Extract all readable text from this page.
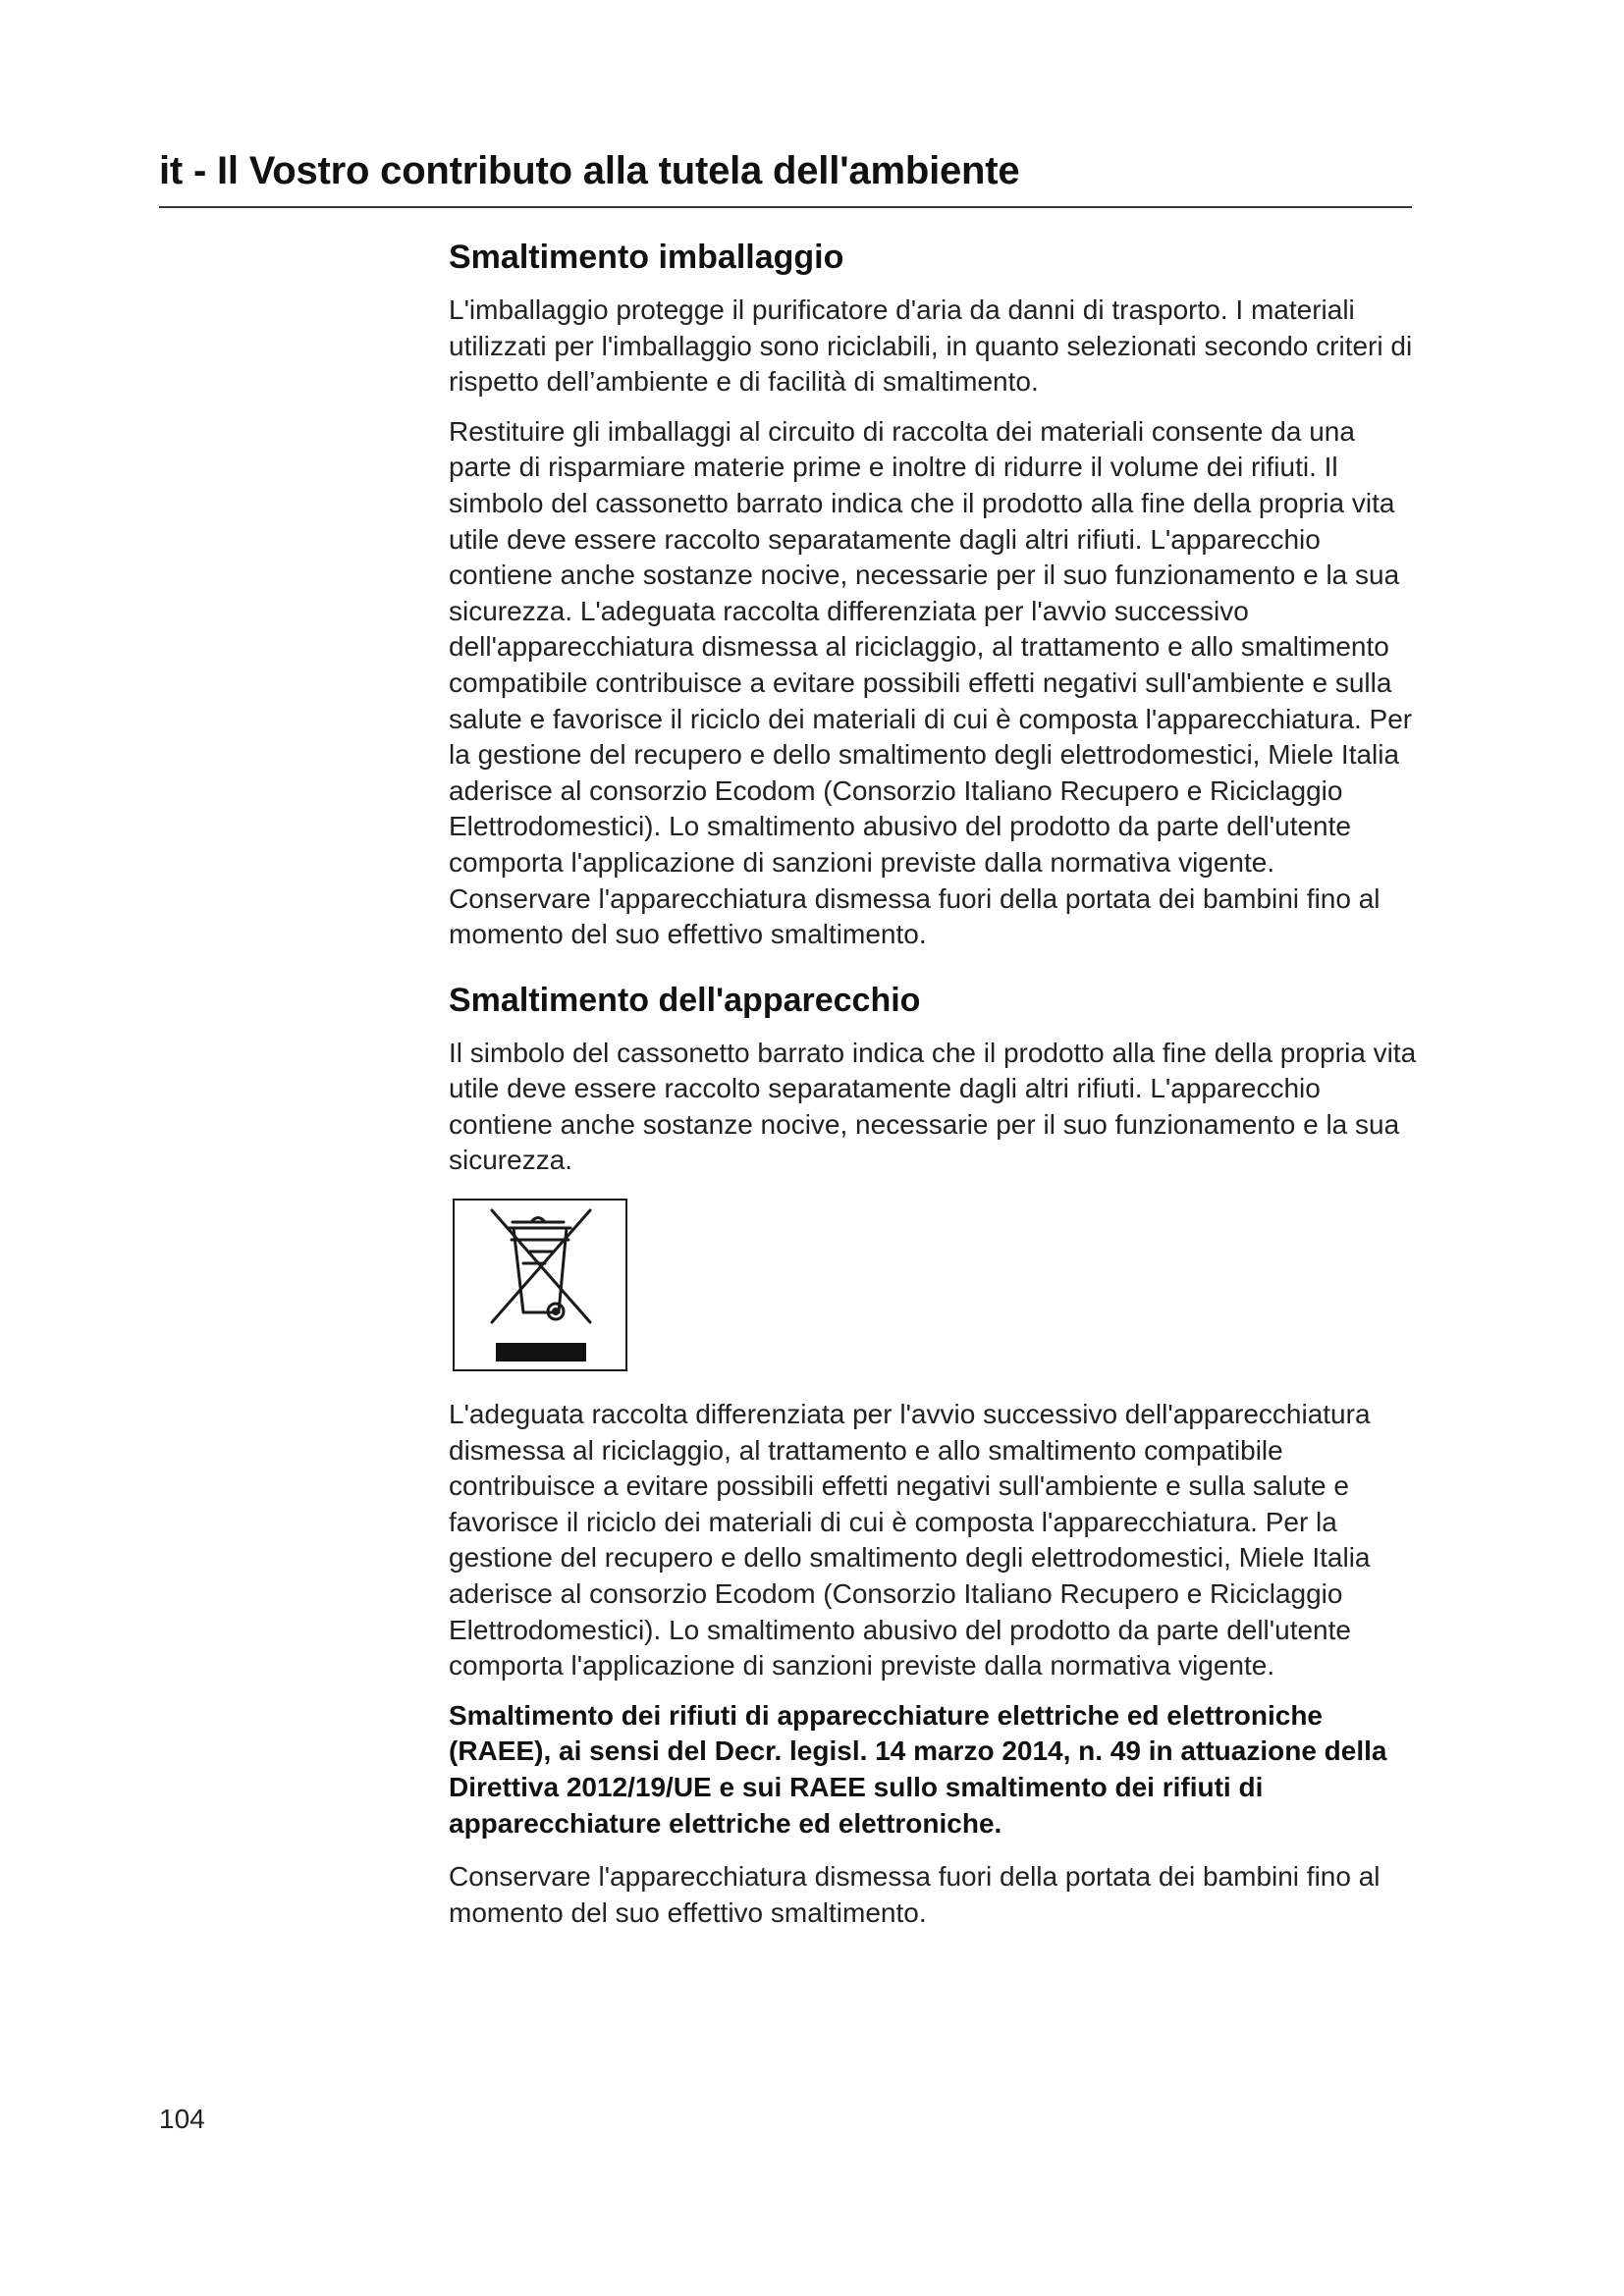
it - Il Vostro contributo alla tutela dell'ambiente
Smaltimento imballaggio

L'imballaggio protegge il purificatore d'aria da danni di trasporto. I materiali utilizzati per l'imballaggio sono riciclabili, in quanto selezionati secondo criteri di rispetto dell’ambiente e di facilità di smaltimento.

Restituire gli imballaggi al circuito di raccolta dei materiali consente da una parte di risparmiare materie prime e inoltre di ridurre il volume dei rifiuti. Il simbolo del cassonetto barrato indica che il prodotto alla fine della propria vita utile deve essere raccolto separatamente dagli altri rifiuti. L'apparecchio contiene anche sostanze nocive, necessarie per il suo funzionamento e la sua sicurezza. L'adeguata raccolta differenziata per l'avvio successivo dell'apparecchiatura dismessa al riciclaggio, al trattamento e allo smaltimento compatibile contribuisce a evitare possibili effetti negativi sull'ambiente e sulla salute e favorisce il riciclo dei materiali di cui è composta l'apparecchiatura. Per la gestione del recupero e dello smaltimento degli elettrodomestici, Miele Italia aderisce al consorzio Ecodom (Consorzio Italiano Recupero e Riciclaggio Elettrodomestici). Lo smaltimento abusivo del prodotto da parte dell'utente comporta l'applicazione di sanzioni previste dalla normativa vigente. Conservare l'apparecchiatura dismessa fuori della portata dei bambini fino al momento del suo effettivo smaltimento.

Smaltimento dell'apparecchio

Il simbolo del cassonetto barrato indica che il prodotto alla fine della propria vita utile deve essere raccolto separatamente dagli altri rifiuti. L'apparecchio contiene anche sostanze nocive, necessarie per il suo funzionamento e la sua sicurezza.

L'adeguata raccolta differenziata per l'avvio successivo dell'apparecchiatura dismessa al riciclaggio, al trattamento e allo smaltimento compatibile contribuisce a evitare possibili effetti negativi sull'ambiente e sulla salute e favorisce il riciclo dei materiali di cui è composta l'apparecchiatura. Per la gestione del recupero e dello smaltimento degli elettrodomestici, Miele Italia aderisce al consorzio Ecodom (Consorzio Italiano Recupero e Riciclaggio Elettrodomestici). Lo smaltimento abusivo del prodotto da parte dell'utente comporta l'applicazione di sanzioni previste dalla normativa vigente.

Smaltimento dei rifiuti di apparecchiature elettriche ed elettroniche (RAEE), ai sensi del Decr. legisl. 14 marzo 2014, n. 49 in attuazione della Direttiva 2012/19/UE e sui RAEE sullo smaltimento dei rifiuti di apparecchiature elettriche ed elettroniche.

Conservare l'apparecchiatura dismessa fuori della portata dei bambini fino al momento del suo effettivo smaltimento.

104
